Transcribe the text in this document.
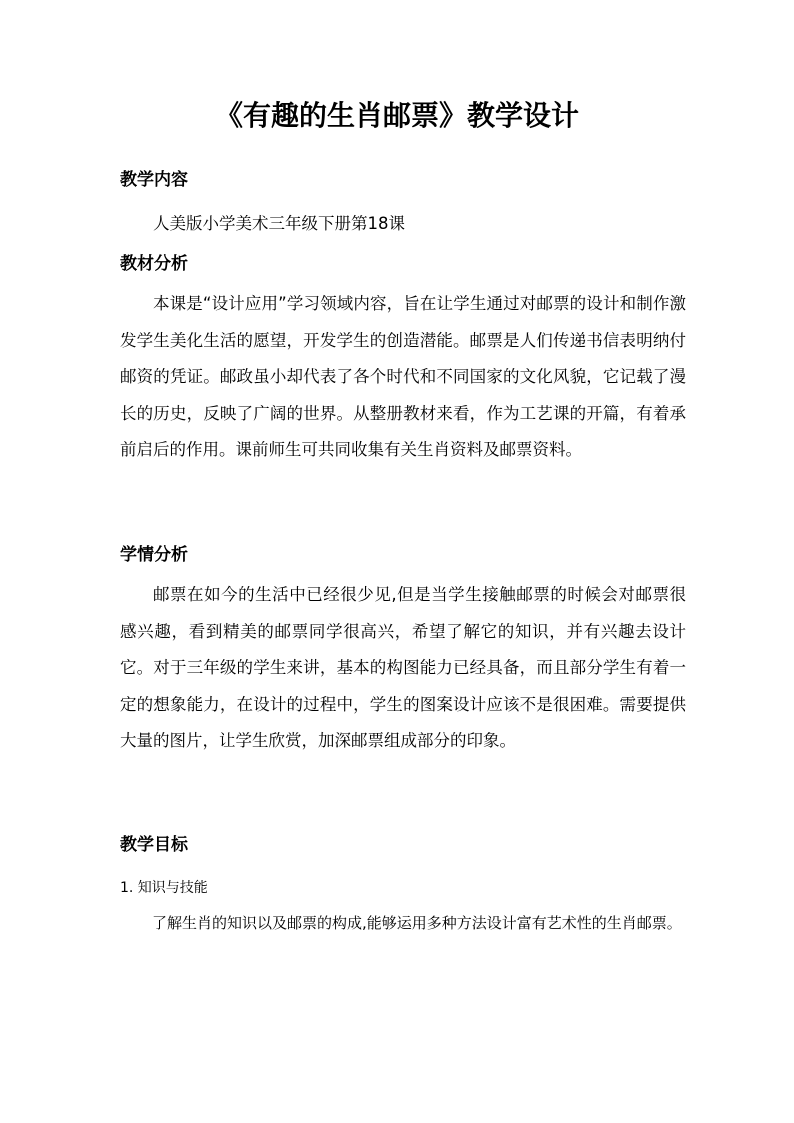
《有趣的生肖邮票》教学设计
教学内容
人美版小学美术三年级下册第18课
教材分析
本课是“设计应用”学习领域内容，旨在让学生通过对邮票的设计和制作激发学生美化生活的愿望，开发学生的创造潜能。邮票是人们传递书信表明纳付邮资的凭证。邮政虽小却代表了各个时代和不同国家的文化风貌，它记载了漫长的历史，反映了广阔的世界。从整册教材来看，作为工艺课的开篇，有着承前启后的作用。课前师生可共同收集有关生肖资料及邮票资料。
学情分析
邮票在如今的生活中已经很少见,但是当学生接触邮票的时候会对邮票很感兴趣，看到精美的邮票同学很高兴，希望了解它的知识，并有兴趣去设计它。对于三年级的学生来讲，基本的构图能力已经具备，而且部分学生有着一定的想象能力，在设计的过程中，学生的图案设计应该不是很困难。需要提供大量的图片，让学生欣赏，加深邮票组成部分的印象。
教学目标
1. 知识与技能
了解生肖的知识以及邮票的构成,能够运用多种方法设计富有艺术性的生肖邮票。
